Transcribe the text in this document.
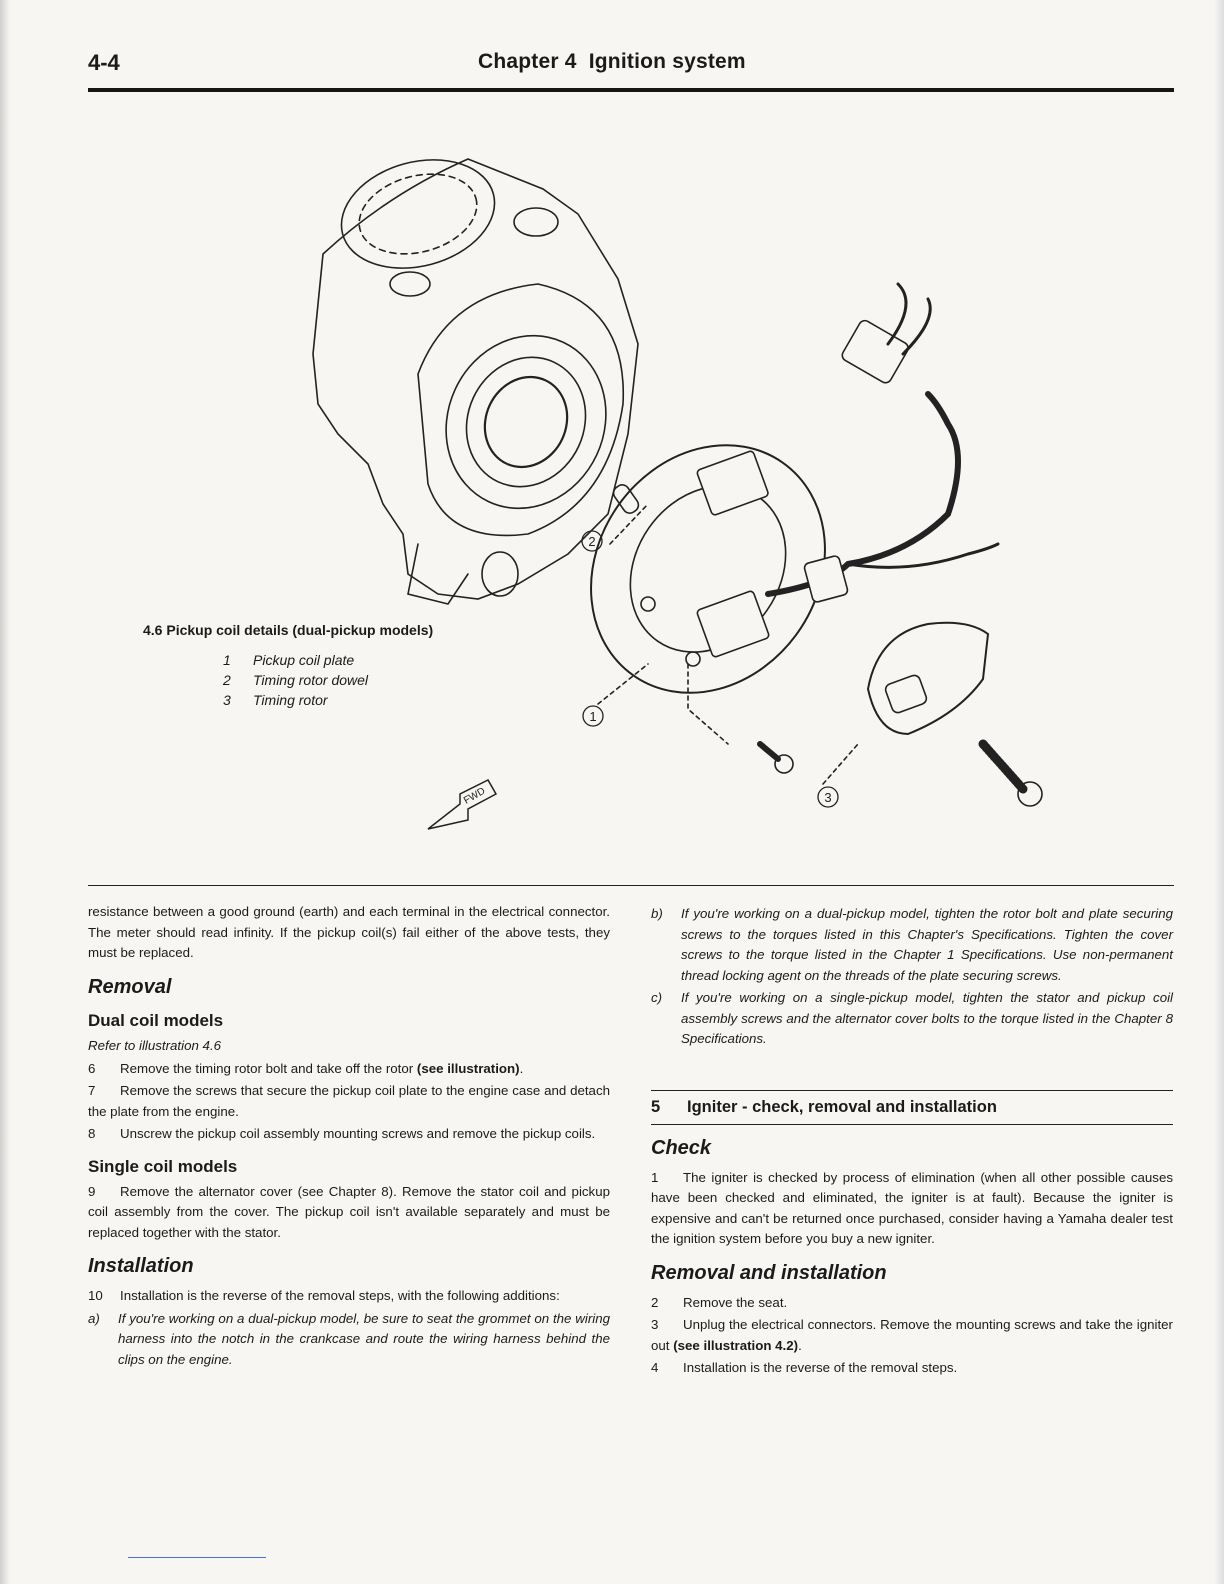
4-4	Chapter 4 Ignition system
2
1
3
FWD
4.6 Pickup coil details (dual-pickup models)
1 Pickup coil plate
2 Timing rotor dowel
3 Timing rotor

resistance between a good ground (earth) and each terminal in the electrical connector. The meter should read infinity. If the pickup coil(s) fail either of the above tests, they must be replaced.

Removal
Dual coil models
Refer to illustration 4.6

6 Remove the timing rotor bolt and take off the rotor (see illustration).

7 Remove the screws that secure the pickup coil plate to the engine case and detach the plate from the engine.

8 Unscrew the pickup coil assembly mounting screws and remove the pickup coils.

Single coil models

9 Remove the alternator cover (see Chapter 8). Remove the stator coil and pickup coil assembly from the cover. The pickup coil isn't available separately and must be replaced together with the stator.

Installation

10 Installation is the reverse of the removal steps, with the following additions:

a) If you're working on a dual-pickup model, be sure to seat the grommet on the wiring harness into the notch in the crankcase and route the wiring harness behind the clips on the engine.
b) If you're working on a dual-pickup model, tighten the rotor bolt and plate securing screws to the torques listed in this Chapter's Specifications. Tighten the cover screws to the torque listed in the Chapter 1 Specifications. Use non-permanent thread locking agent on the threads of the plate securing screws.
c) If you're working on a single-pickup model, tighten the stator and pickup coil assembly screws and the alternator cover bolts to the torque listed in the Chapter 8 Specifications.
5 Igniter - check, removal and installation
Check

1 The igniter is checked by process of elimination (when all other possible causes have been checked and eliminated, the igniter is at fault). Because the igniter is expensive and can't be returned once purchased, consider having a Yamaha dealer test the ignition system before you buy a new igniter.

Removal and installation

2 Remove the seat.

3 Unplug the electrical connectors. Remove the mounting screws and take the igniter out (see illustration 4.2).

4 Installation is the reverse of the removal steps.
